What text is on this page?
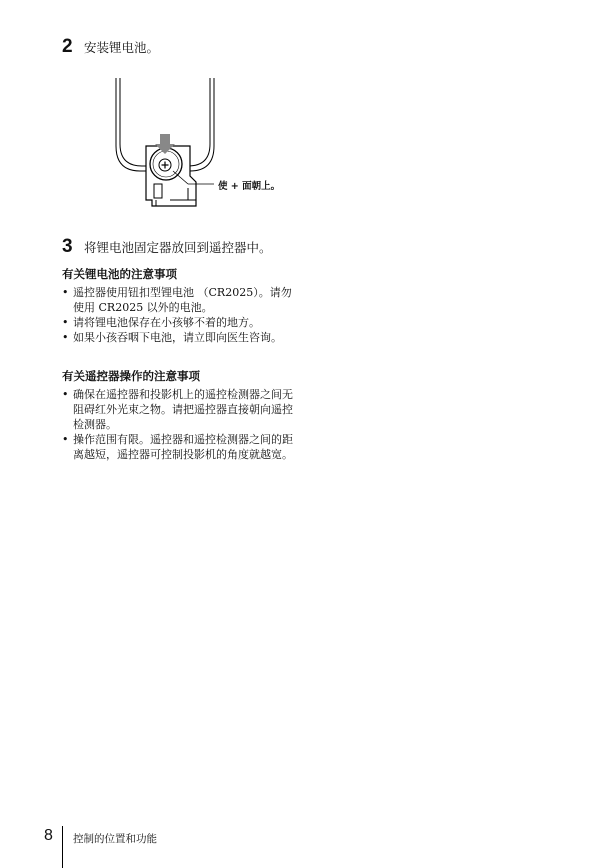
2 安装锂电池。
使 + 面朝上。
3 将锂电池固定器放回到遥控器中。
有关锂电池的注意事项
• 遥控器使用钮扣型锂电池 （CR2025）。请勿使用 CR2025 以外的电池。
• 请将锂电池保存在小孩够不着的地方。
• 如果小孩吞咽下电池，请立即向医生咨询。
有关遥控器操作的注意事项
• 确保在遥控器和投影机上的遥控检测器之间无阻碍红外光束之物。请把遥控器直接朝向遥控检测器。
• 操作范围有限。遥控器和遥控检测器之间的距离越短，遥控器可控制投影机的角度就越宽。
8	控制的位置和功能
